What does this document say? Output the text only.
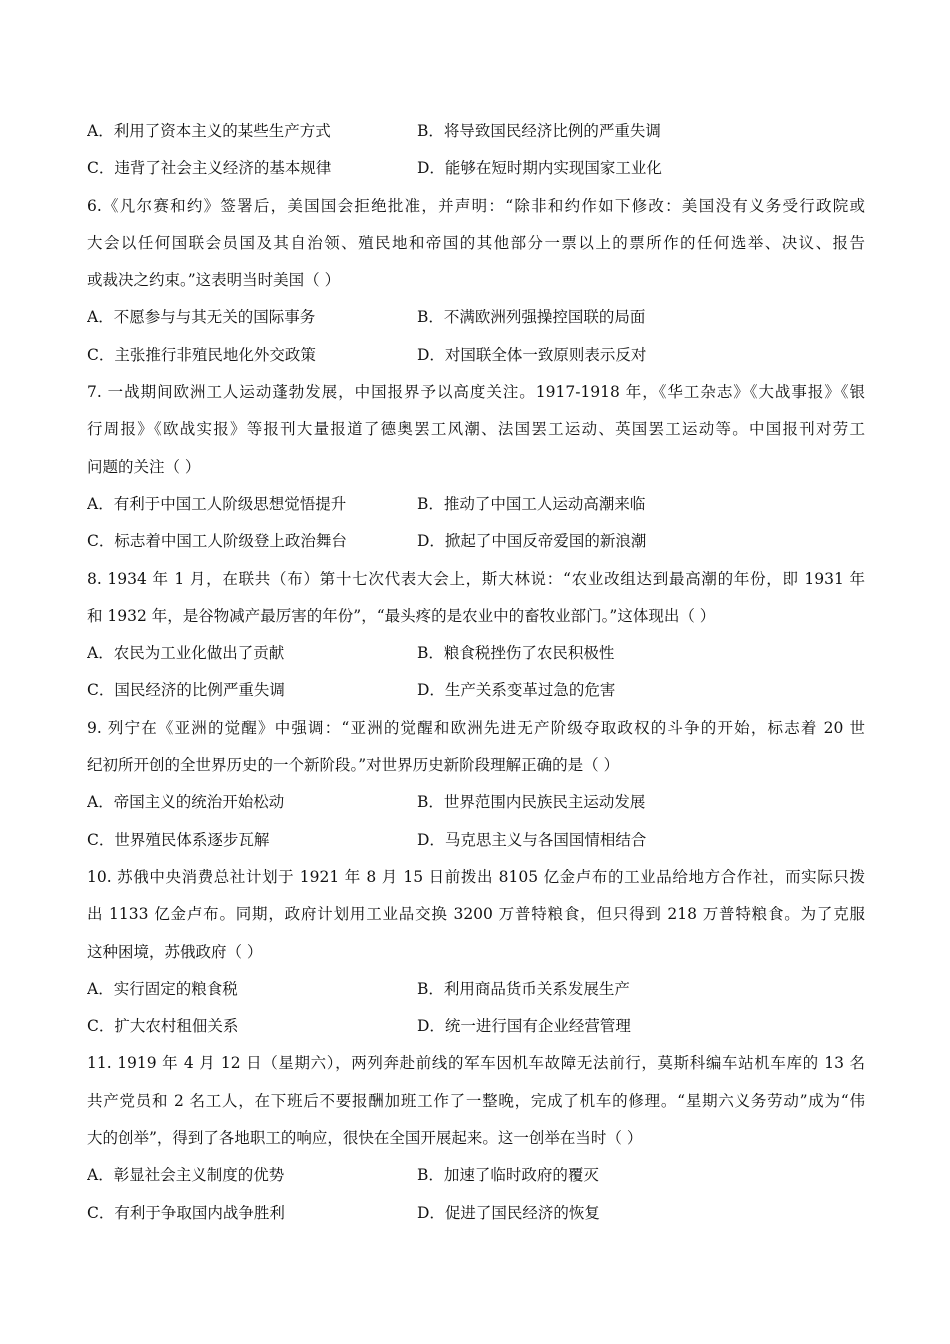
A．利用了资本主义的某些生产方式	B．将导致国民经济比例的严重失调
C．违背了社会主义经济的基本规律	D．能够在短时期内实现国家工业化
6.《凡尔赛和约》签署后，美国国会拒绝批准，并声明：“除非和约作如下修改：美国没有义务受行政院或
大会以任何国联会员国及其自治领、殖民地和帝国的其他部分一票以上的票所作的任何选举、决议、报告
或裁决之约束。”这表明当时美国（ ）
A．不愿参与与其无关的国际事务	B．不满欧洲列强操控国联的局面
C．主张推行非殖民地化外交政策	D．对国联全体一致原则表示反对
7. 一战期间欧洲工人运动蓬勃发展，中国报界予以高度关注。1917-1918 年，《华工杂志》《大战事报》《银
行周报》《欧战实报》等报刊大量报道了德奥罢工风潮、法国罢工运动、英国罢工运动等。中国报刊对劳工
问题的关注（ ）
A．有利于中国工人阶级思想觉悟提升	B．推动了中国工人运动高潮来临
C．标志着中国工人阶级登上政治舞台	D．掀起了中国反帝爱国的新浪潮
8. 1934 年 1 月，在联共（布）第十七次代表大会上，斯大林说：“农业改组达到最高潮的年份，即 1931 年
和 1932 年，是谷物减产最厉害的年份”，“最头疼的是农业中的畜牧业部门。”这体现出（ ）
A．农民为工业化做出了贡献	B．粮食税挫伤了农民积极性
C．国民经济的比例严重失调	D．生产关系变革过急的危害
9. 列宁在《亚洲的觉醒》中强调：“亚洲的觉醒和欧洲先进无产阶级夺取政权的斗争的开始，标志着 20 世
纪初所开创的全世界历史的一个新阶段。”对世界历史新阶段理解正确的是（ ）
A．帝国主义的统治开始松动	B．世界范围内民族民主运动发展
C．世界殖民体系逐步瓦解	D．马克思主义与各国国情相结合
10. 苏俄中央消费总社计划于 1921 年 8 月 15 日前拨出 8105 亿金卢布的工业品给地方合作社，而实际只拨
出 1133 亿金卢布。同期，政府计划用工业品交换 3200 万普特粮食，但只得到 218 万普特粮食。为了克服
这种困境，苏俄政府（ ）
A．实行固定的粮食税	B．利用商品货币关系发展生产
C．扩大农村租佃关系	D．统一进行国有企业经营管理
11. 1919 年 4 月 12 日（星期六），两列奔赴前线的军车因机车故障无法前行，莫斯科编车站机车库的 13 名
共产党员和 2 名工人，在下班后不要报酬加班工作了一整晚，完成了机车的修理。“星期六义务劳动”成为“伟
大的创举”，得到了各地职工的响应，很快在全国开展起来。这一创举在当时（ ）
A．彰显社会主义制度的优势	B．加速了临时政府的覆灭
C．有利于争取国内战争胜利	D．促进了国民经济的恢复
